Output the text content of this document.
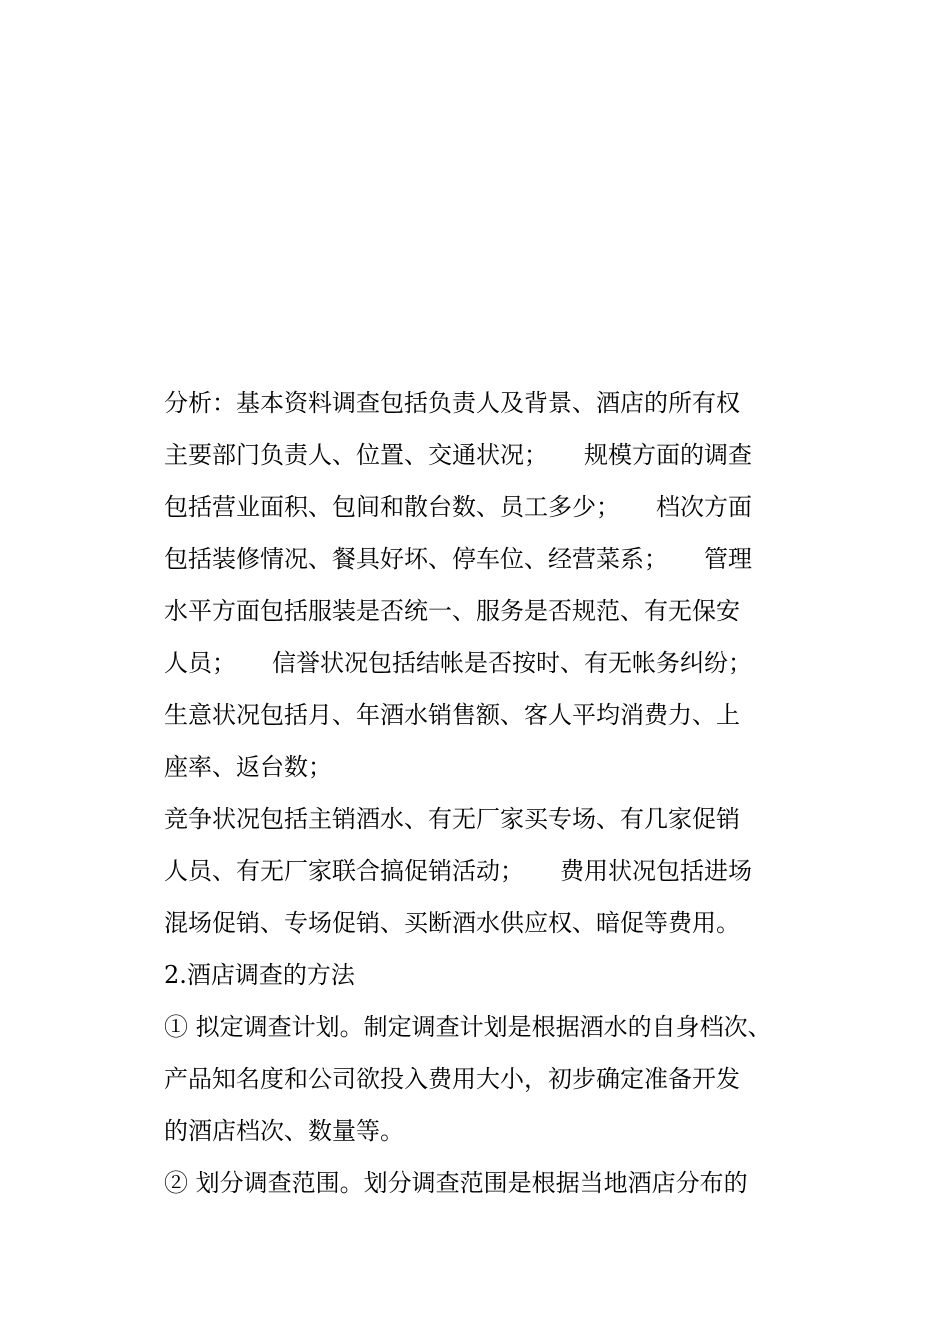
分析：基本资料调查包括负责人及背景、酒店的所有权
主要部门负责人、位置、交通状况；　　规模方面的调查
包括营业面积、包间和散台数、员工多少；　　档次方面
包括装修情况、餐具好坏、停车位、经营菜系；　　管理
水平方面包括服装是否统一、服务是否规范、有无保安
人员；　　信誉状况包括结帐是否按时、有无帐务纠纷；
生意状况包括月、年酒水销售额、客人平均消费力、上
座率、返台数；
竞争状况包括主销酒水、有无厂家买专场、有几家促销
人员、有无厂家联合搞促销活动；　　费用状况包括进场
混场促销、专场促销、买断酒水供应权、暗促等费用。
2.酒店调查的方法
① 拟定调查计划。制定调查计划是根据酒水的自身档次、
产品知名度和公司欲投入费用大小，初步确定准备开发
的酒店档次、数量等。
② 划分调查范围。划分调查范围是根据当地酒店分布的
